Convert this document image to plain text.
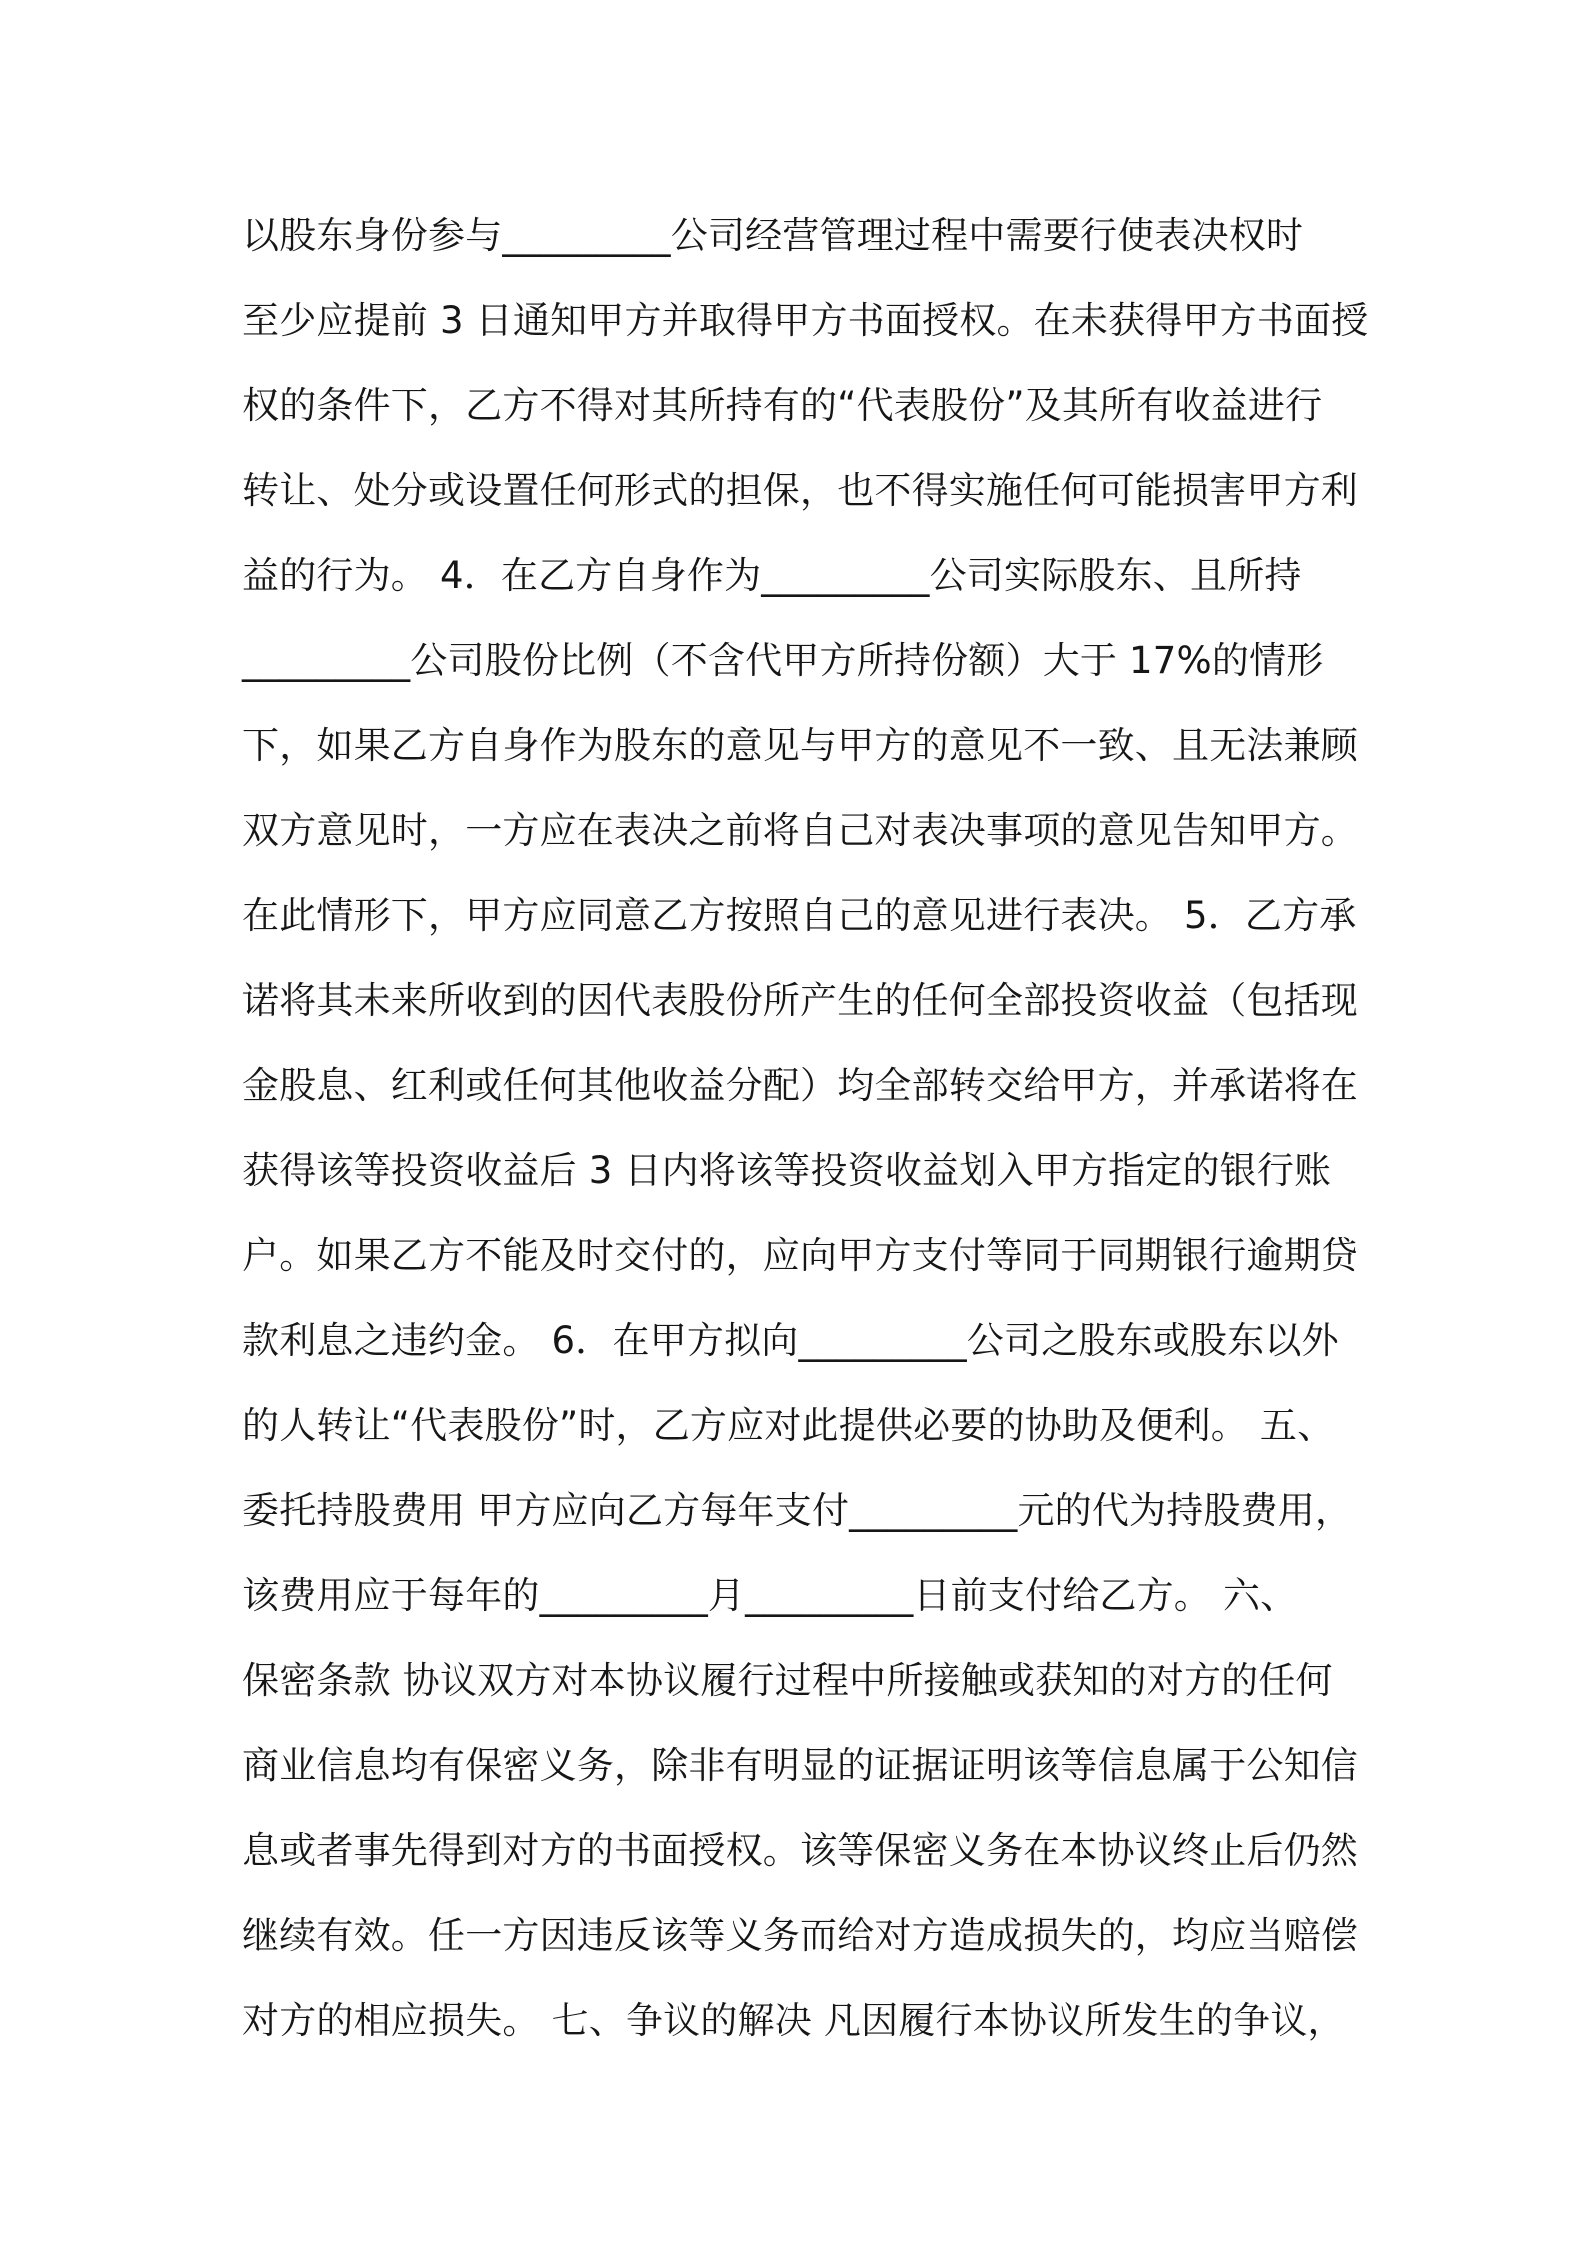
以股东身份参与_________公司经营管理过程中需要行使表决权时
至少应提前 3 日通知甲方并取得甲方书面授权。在未获得甲方书面授
权的条件下，乙方不得对其所持有的“代表股份”及其所有收益进行
转让、处分或设置任何形式的担保，也不得实施任何可能损害甲方利
益的行为。 4．在乙方自身作为_________公司实际股东、且所持
_________公司股份比例（不含代甲方所持份额）大于 17%的情形
下，如果乙方自身作为股东的意见与甲方的意见不一致、且无法兼顾
双方意见时，一方应在表决之前将自己对表决事项的意见告知甲方。
在此情形下，甲方应同意乙方按照自己的意见进行表决。 5．乙方承
诺将其未来所收到的因代表股份所产生的任何全部投资收益（包括现
金股息、红利或任何其他收益分配）均全部转交给甲方，并承诺将在
获得该等投资收益后 3 日内将该等投资收益划入甲方指定的银行账
户。如果乙方不能及时交付的，应向甲方支付等同于同期银行逾期贷
款利息之违约金。 6．在甲方拟向_________公司之股东或股东以外
的人转让“代表股份”时，乙方应对此提供必要的协助及便利。 五、
委托持股费用 甲方应向乙方每年支付_________元的代为持股费用，
该费用应于每年的_________月_________日前支付给乙方。 六、
保密条款 协议双方对本协议履行过程中所接触或获知的对方的任何
商业信息均有保密义务，除非有明显的证据证明该等信息属于公知信
息或者事先得到对方的书面授权。该等保密义务在本协议终止后仍然
继续有效。任一方因违反该等义务而给对方造成损失的，均应当赔偿
对方的相应损失。 七、争议的解决 凡因履行本协议所发生的争议，
